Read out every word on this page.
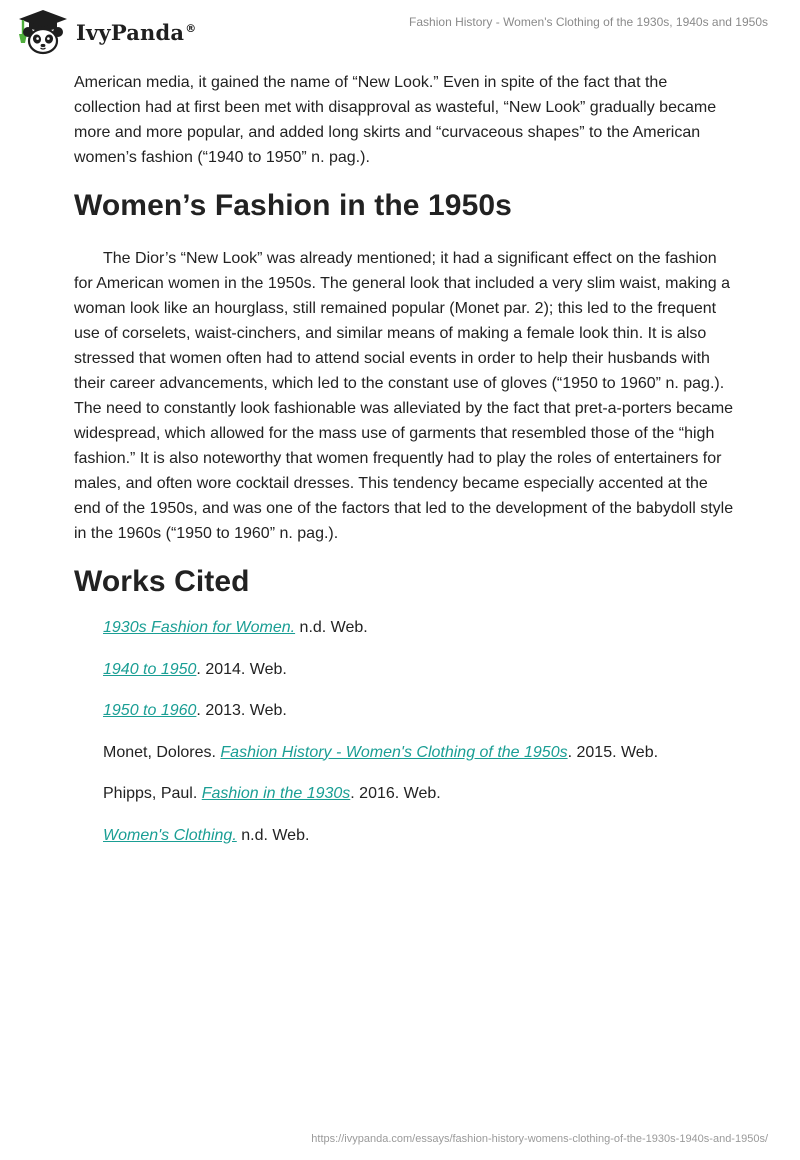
IvyPanda®	Fashion History - Women's Clothing of the 1930s, 1940s and 1950s

American media, it gained the name of “New Look.” Even in spite of the fact that the collection had at first been met with disapproval as wasteful, “New Look” gradually became more and more popular, and added long skirts and “curvaceous shapes” to the American women’s fashion (“1940 to 1950” n. pag.).

Women’s Fashion in the 1950s

The Dior’s “New Look” was already mentioned; it had a significant effect on the fashion for American women in the 1950s. The general look that included a very slim waist, making a woman look like an hourglass, still remained popular (Monet par. 2); this led to the frequent use of corselets, waist-cinchers, and similar means of making a female look thin. It is also stressed that women often had to attend social events in order to help their husbands with their career advancements, which led to the constant use of gloves (“1950 to 1960” n. pag.). The need to constantly look fashionable was alleviated by the fact that pret-a-porters became widespread, which allowed for the mass use of garments that resembled those of the “high fashion.” It is also noteworthy that women frequently had to play the roles of entertainers for males, and often wore cocktail dresses. This tendency became especially accented at the end of the 1950s, and was one of the factors that led to the development of the babydoll style in the 1960s (“1950 to 1960” n. pag.).

Works Cited
1930s Fashion for Women. n.d. Web.
1940 to 1950. 2014. Web.
1950 to 1960. 2013. Web.
Monet, Dolores. Fashion History - Women's Clothing of the 1950s. 2015. Web.
Phipps, Paul. Fashion in the 1930s. 2016. Web.
Women's Clothing. n.d. Web.
https://ivypanda.com/essays/fashion-history-womens-clothing-of-the-1930s-1940s-and-1950s/
